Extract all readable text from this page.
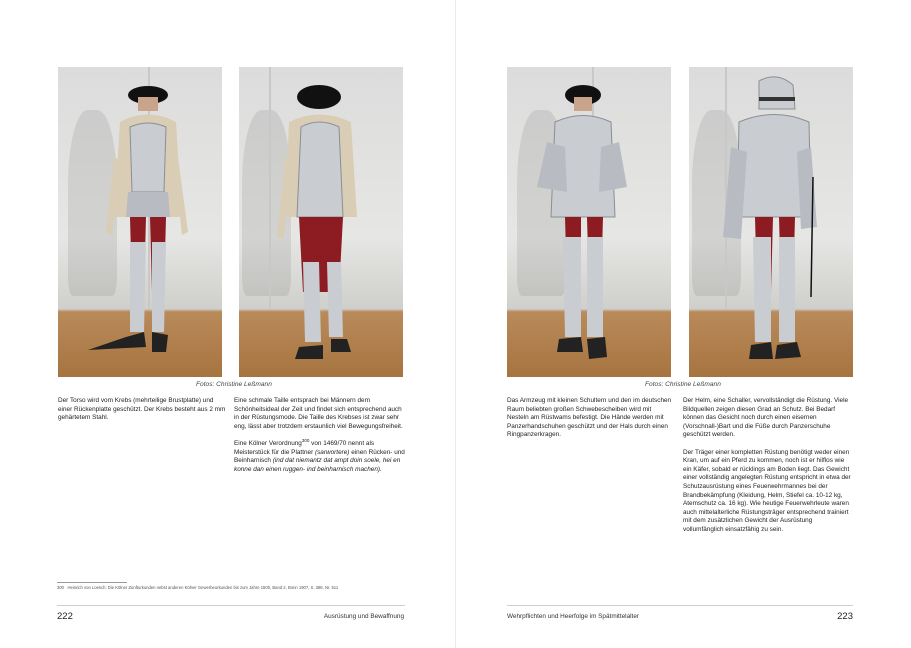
Fotos: Christine Leßmann

Der Torso wird vom Krebs (mehrteilige Brustplatte) und einer Rückenplatte geschützt. Der Krebs besteht aus 2 mm gehärtetem Stahl.

Eine schmale Taille entsprach bei Männern dem Schönheitsideal der Zeit und findet sich entsprechend auch in der Rüstungsmode. Die Taille des Krebses ist zwar sehr eng, lässt aber trotzdem erstaunlich viel Bewegungsfreiheit.

Eine Kölner Verordnung$^{300}$ von 1469/70 nennt als Meisterstück für die Plattner (sarwortere) einen Rücken- und Beinharnisch (ind dat niemantz dat ampt doin soele, hei en konne dan einen ruggen- ind beinharnisch machen).

300 Heinrich von Loesch: Die Kölner Zunfturkunden nebst anderen Kölner Gewerbeurkunden bis zum Jahre 1500, Band 2, Bonn 1907, S. 388, Nr. 511
222	Ausrüstung und Bewaffnung
Fotos: Christine Leßmann

Das Armzeug mit kleinen Schultern und den im deutschen Raum beliebten großen Schwebescheiben wird mit Nesteln am Rüstwams befestigt. Die Hände werden mit Panzerhandschuhen geschützt und der Hals durch einen Ringpanzerkragen.

Der Helm, eine Schaller, vervollständigt die Rüstung. Viele Bildquellen zeigen diesen Grad an Schutz. Bei Bedarf können das Gesicht noch durch einen eisernen (Vorschnall-)Bart und die Füße durch Panzerschuhe geschützt werden.

Der Träger einer kompletten Rüstung benötigt weder einen Kran, um auf ein Pferd zu kommen, noch ist er hilflos wie ein Käfer, sobald er rücklings am Boden liegt. Das Gewicht einer vollständig angelegten Rüstung entspricht in etwa der Schutzausrüstung eines Feuerwehrmannes bei der Brandbekämpfung (Kleidung, Helm, Stiefel ca. 10-12 kg, Atemschutz ca. 16 kg). Wie heutige Feuerwehrleute waren auch mittelalterliche Rüstungsträger entsprechend trainiert mit dem zusätzlichen Gewicht der Ausrüstung vollumfänglich einsatzfähig zu sein.

Wehrpflichten und Heerfolge im Spätmittelalter	223
